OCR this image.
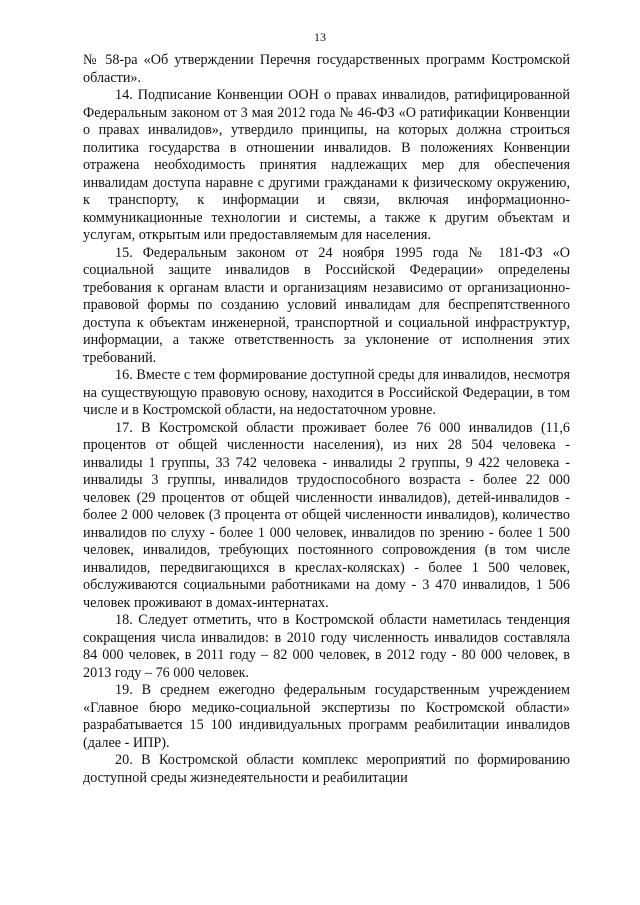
13

№ 58-ра «Об утверждении Перечня государственных программ Костромской области».

14. Подписание Конвенции ООН о правах инвалидов, ратифицированной Федеральным законом от 3 мая 2012 года № 46-ФЗ «О ратификации Конвенции о правах инвалидов», утвердило принципы, на которых должна строиться политика государства в отношении инвалидов. В положениях Конвенции отражена необходимость принятия надлежащих мер для обеспечения инвалидам доступа наравне с другими гражданами к физическому окружению, к транспорту, к информации и связи, включая информационно-коммуникационные технологии и системы, а также к другим объектам и услугам, открытым или предоставляемым для населения.

15. Федеральным законом от 24 ноября 1995 года № 181-ФЗ «О социальной защите инвалидов в Российской Федерации» определены требования к органам власти и организациям независимо от организационно-правовой формы по созданию условий инвалидам для беспрепятственного доступа к объектам инженерной, транспортной и социальной инфраструктур, информации, а также ответственность за уклонение от исполнения этих требований.

16. Вместе с тем формирование доступной среды для инвалидов, несмотря на существующую правовую основу, находится в Российской Федерации, в том числе и в Костромской области, на недостаточном уровне.

17. В Костромской области проживает более 76 000 инвалидов (11,6 процентов от общей численности населения), из них 28 504 человека - инвалиды 1 группы, 33 742 человека - инвалиды 2 группы, 9 422 человека - инвалиды 3 группы, инвалидов трудоспособного возраста - более 22 000 человек (29 процентов от общей численности инвалидов), детей-инвалидов - более 2 000 человек (3 процента от общей численности инвалидов), количество инвалидов по слуху - более 1 000 человек, инвалидов по зрению - более 1 500 человек, инвалидов, требующих постоянного сопровождения (в том числе инвалидов, передвигающихся в креслах-колясках) - более 1 500 человек, обслуживаются социальными работниками на дому - 3 470 инвалидов, 1 506 человек проживают в домах-интернатах.

18. Следует отметить, что в Костромской области наметилась тенденция сокращения числа инвалидов: в 2010 году численность инвалидов составляла 84 000 человек, в 2011 году – 82 000 человек, в 2012 году - 80 000 человек, в 2013 году – 76 000 человек.

19. В среднем ежегодно федеральным государственным учреждением «Главное бюро медико-социальной экспертизы по Костромской области» разрабатывается 15 100 индивидуальных программ реабилитации инвалидов (далее - ИПР).

20. В Костромской области комплекс мероприятий по формированию доступной среды жизнедеятельности и реабилитации
